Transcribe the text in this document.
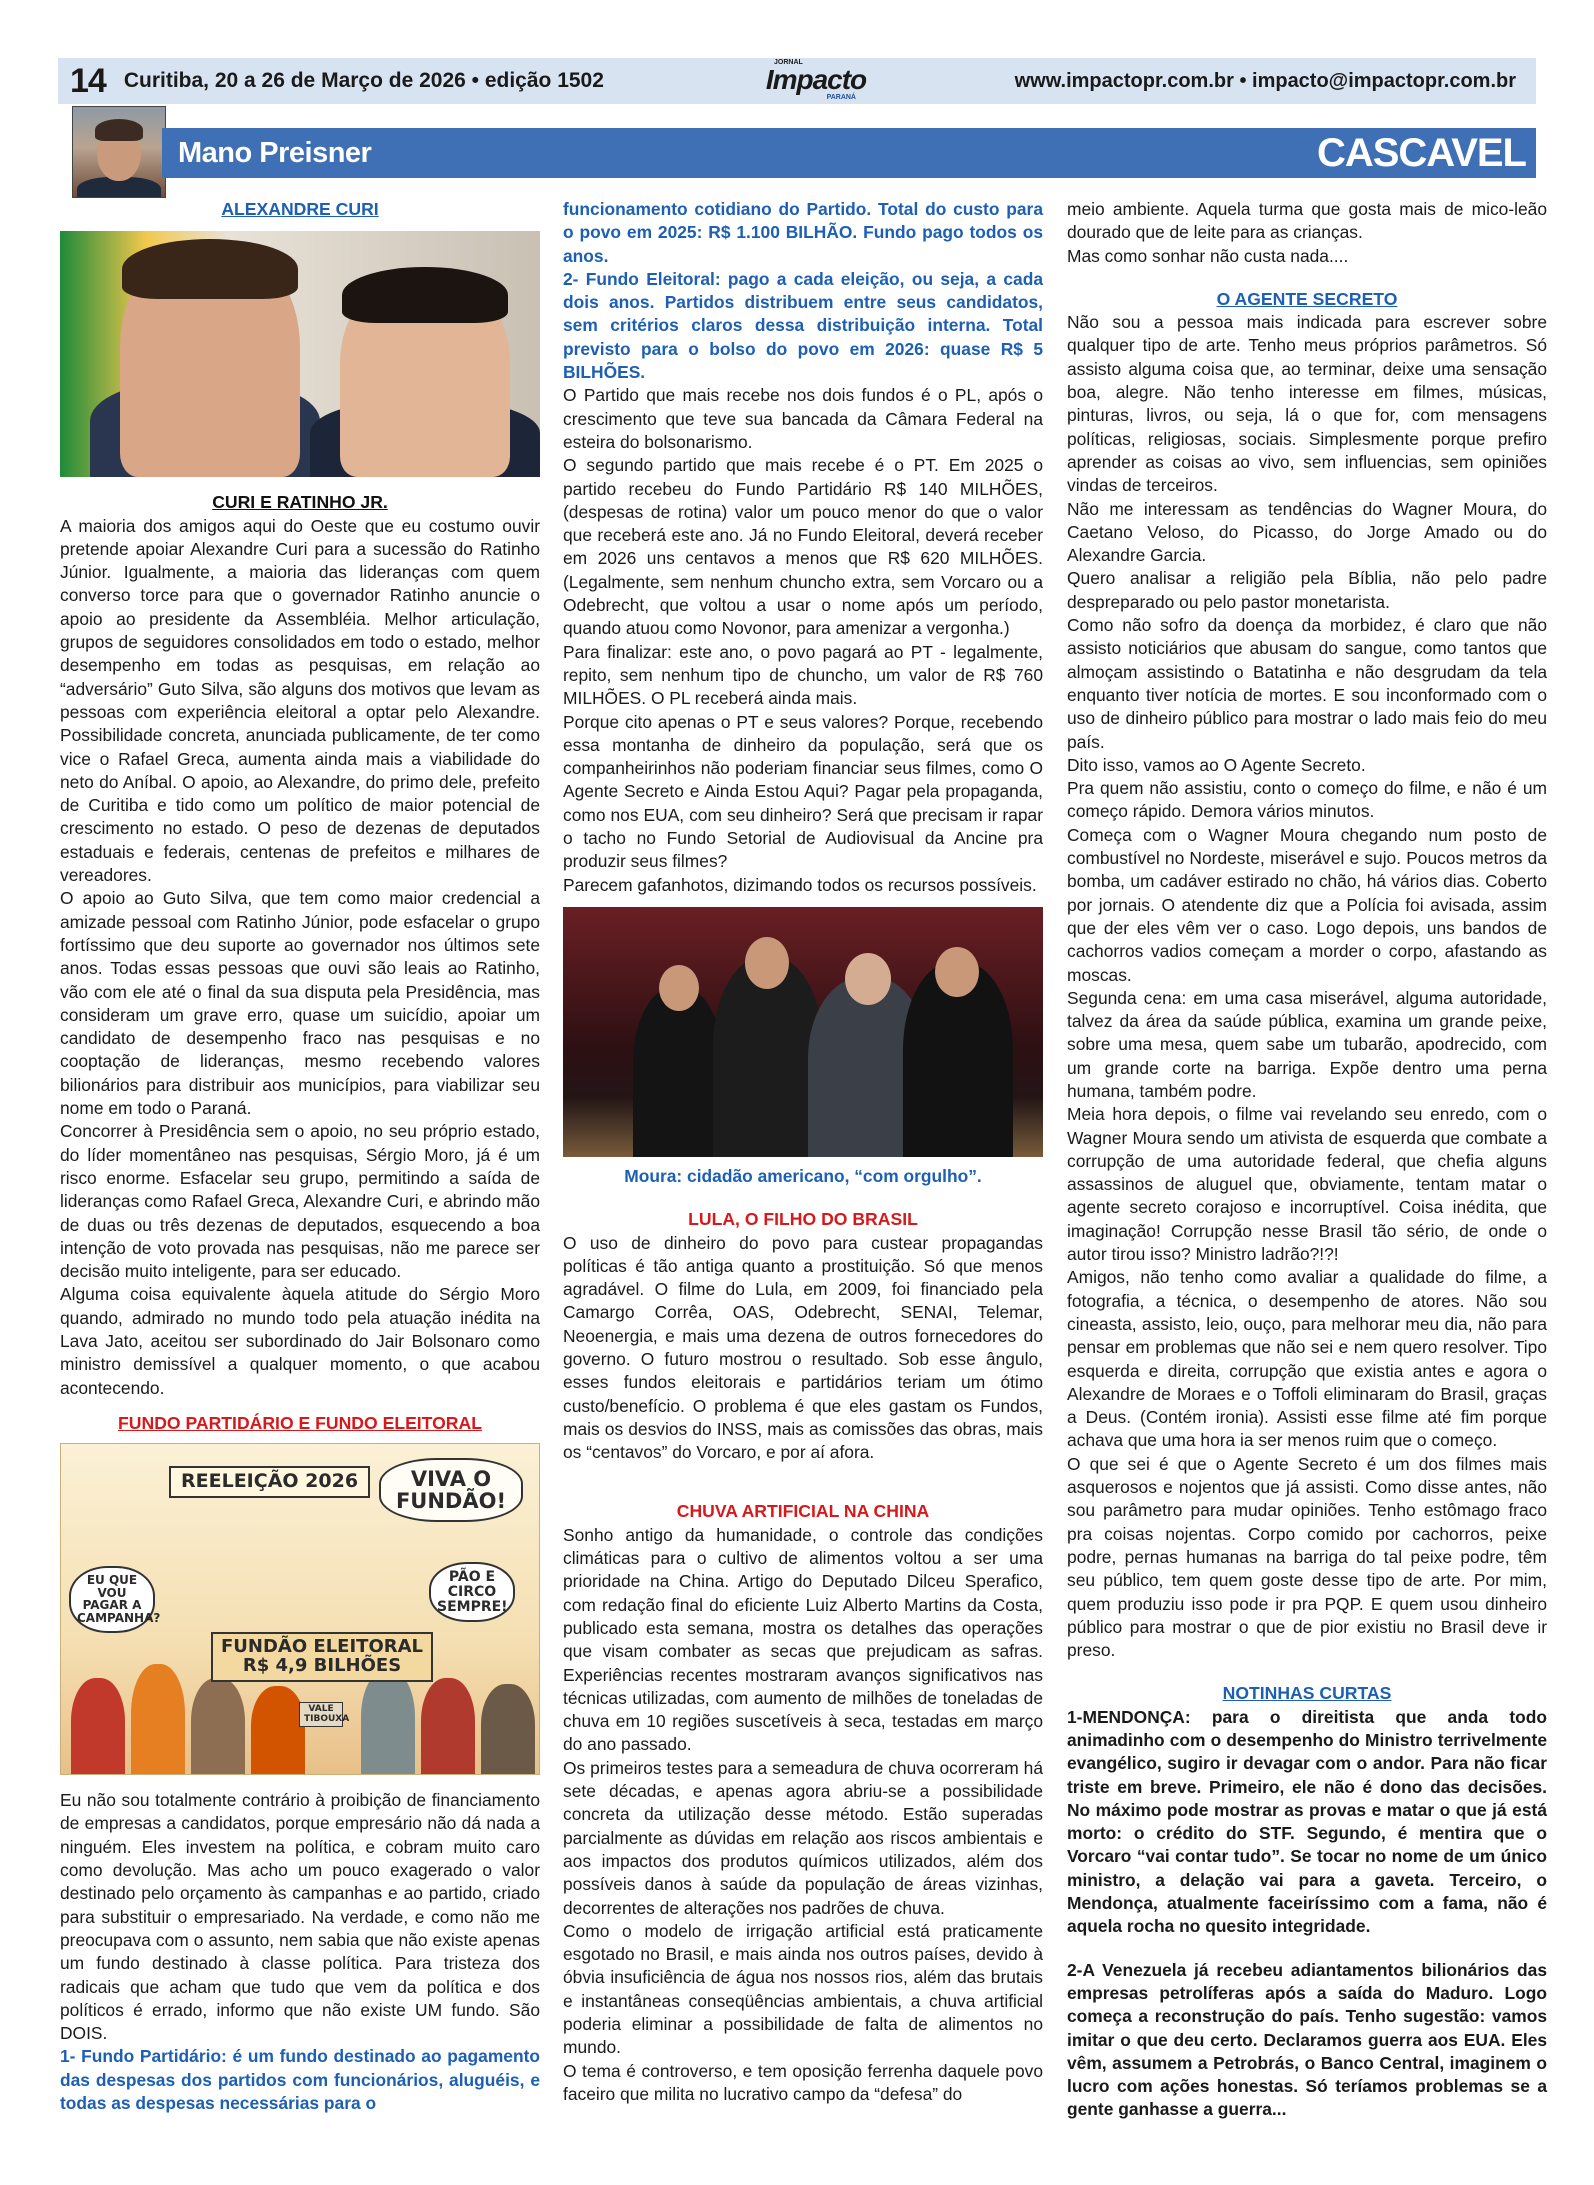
14 Curitiba, 20 a 26 de Março de 2026 • edição 1502
JORNAL
Impacto
PARANÁ
www.impactopr.com.br • impacto@impactopr.com.br
Mano Preisner	CASCAVEL

ALEXANDRE CURI

CURI E RATINHO JR.

A maioria dos amigos aqui do Oeste que eu costumo ouvir pretende apoiar Alexandre Curi para a sucessão do Ratinho Júnior. Igualmente, a maioria das lideranças com quem converso torce para que o governador Ratinho anuncie o apoio ao presidente da Assembléia. Melhor articulação, grupos de seguidores consolidados em todo o estado, melhor desempenho em todas as pesquisas, em relação ao “adversário” Guto Silva, são alguns dos motivos que levam as pessoas com experiência eleitoral a optar pelo Alexandre. Possibilidade concreta, anunciada publicamente, de ter como vice o Rafael Greca, aumenta ainda mais a viabilidade do neto do Aníbal. O apoio, ao Alexandre, do primo dele, prefeito de Curitiba e tido como um político de maior potencial de crescimento no estado. O peso de dezenas de deputados estaduais e federais, centenas de prefeitos e milhares de vereadores.

O apoio ao Guto Silva, que tem como maior credencial a amizade pessoal com Ratinho Júnior, pode esfacelar o grupo fortíssimo que deu suporte ao governador nos últimos sete anos. Todas essas pessoas que ouvi são leais ao Ratinho, vão com ele até o final da sua disputa pela Presidência, mas consideram um grave erro, quase um suicídio, apoiar um candidato de desempenho fraco nas pesquisas e no cooptação de lideranças, mesmo recebendo valores bilionários para distribuir aos municípios, para viabilizar seu nome em todo o Paraná.

Concorrer à Presidência sem o apoio, no seu próprio estado, do líder momentâneo nas pesquisas, Sérgio Moro, já é um risco enorme. Esfacelar seu grupo, permitindo a saída de lideranças como Rafael Greca, Alexandre Curi, e abrindo mão de duas ou três dezenas de deputados, esquecendo a boa intenção de voto provada nas pesquisas, não me parece ser decisão muito inteligente, para ser educado.

Alguma coisa equivalente àquela atitude do Sérgio Moro quando, admirado no mundo todo pela atuação inédita na Lava Jato, aceitou ser subordinado do Jair Bolsonaro como ministro demissível a qualquer momento, o que acabou acontecendo.

FUNDO PARTIDÁRIO E FUNDO ELEITORAL

REELEIÇÃO 2026	VIVA O FUNDÃO!
FUNDÃO ELEITORAL
R$ 4,9 BILHÕES
EU QUE VOU PAGAR A CAMPANHA?
PÃO E CIRCO SEMPRE!
VALE TIBOUXA

Eu não sou totalmente contrário à proibição de financiamento de empresas a candidatos, porque empresário não dá nada a ninguém. Eles investem na política, e cobram muito caro como devolução. Mas acho um pouco exagerado o valor destinado pelo orçamento às campanhas e ao partido, criado para substituir o empresariado. Na verdade, e como não me preocupava com o assunto, nem sabia que não existe apenas um fundo destinado à classe política. Para tristeza dos radicais que acham que tudo que vem da política e dos políticos é errado, informo que não existe UM fundo. São DOIS.

1- Fundo Partidário: é um fundo destinado ao pagamento das despesas dos partidos com funcionários, aluguéis, e todas as despesas necessárias para o

funcionamento cotidiano do Partido. Total do custo para o povo em 2025: R$ 1.100 BILHÃO. Fundo pago todos os anos.

2- Fundo Eleitoral: pago a cada eleição, ou seja, a cada dois anos. Partidos distribuem entre seus candidatos, sem critérios claros dessa distribuição interna. Total previsto para o bolso do povo em 2026: quase R$ 5 BILHÕES.

O Partido que mais recebe nos dois fundos é o PL, após o crescimento que teve sua bancada da Câmara Federal na esteira do bolsonarismo.

O segundo partido que mais recebe é o PT. Em 2025 o partido recebeu do Fundo Partidário R$ 140 MILHÕES, (despesas de rotina) valor um pouco menor do que o valor que receberá este ano. Já no Fundo Eleitoral, deverá receber em 2026 uns centavos a menos que R$ 620 MILHÕES. (Legalmente, sem nenhum chuncho extra, sem Vorcaro ou a Odebrecht, que voltou a usar o nome após um período, quando atuou como Novonor, para amenizar a vergonha.)

Para finalizar: este ano, o povo pagará ao PT - legalmente, repito, sem nenhum tipo de chuncho, um valor de R$ 760 MILHÕES. O PL receberá ainda mais.

Porque cito apenas o PT e seus valores? Porque, recebendo essa montanha de dinheiro da população, será que os companheirinhos não poderiam financiar seus filmes, como O Agente Secreto e Ainda Estou Aqui? Pagar pela propaganda, como nos EUA, com seu dinheiro? Será que precisam ir rapar o tacho no Fundo Setorial de Audiovisual da Ancine pra produzir seus filmes?

Parecem gafanhotos, dizimando todos os recursos possíveis.

Moura: cidadão americano, “com orgulho”.

LULA, O FILHO DO BRASIL

O uso de dinheiro do povo para custear propagandas políticas é tão antiga quanto a prostituição. Só que menos agradável. O filme do Lula, em 2009, foi financiado pela Camargo Corrêa, OAS, Odebrecht, SENAI, Telemar, Neoenergia, e mais uma dezena de outros fornecedores do governo. O futuro mostrou o resultado. Sob esse ângulo, esses fundos eleitorais e partidários teriam um ótimo custo/benefício. O problema é que eles gastam os Fundos, mais os desvios do INSS, mais as comissões das obras, mais os “centavos” do Vorcaro, e por aí afora.

CHUVA ARTIFICIAL NA CHINA

Sonho antigo da humanidade, o controle das condições climáticas para o cultivo de alimentos voltou a ser uma prioridade na China. Artigo do Deputado Dilceu Sperafico, com redação final do eficiente Luiz Alberto Martins da Costa, publicado esta semana, mostra os detalhes das operações que visam combater as secas que prejudicam as safras. Experiências recentes mostraram avanços significativos nas técnicas utilizadas, com aumento de milhões de toneladas de chuva em 10 regiões suscetíveis à seca, testadas em março do ano passado.

Os primeiros testes para a semeadura de chuva ocorreram há sete décadas, e apenas agora abriu-se a possibilidade concreta da utilização desse método. Estão superadas parcialmente as dúvidas em relação aos riscos ambientais e aos impactos dos produtos químicos utilizados, além dos possíveis danos à saúde da população de áreas vizinhas, decorrentes de alterações nos padrões de chuva.

Como o modelo de irrigação artificial está praticamente esgotado no Brasil, e mais ainda nos outros países, devido à óbvia insuficiência de água nos nossos rios, além das brutais e instantâneas conseqüências ambientais, a chuva artificial poderia eliminar a possibilidade de falta de alimentos no mundo.

O tema é controverso, e tem oposição ferrenha daquele povo faceiro que milita no lucrativo campo da “defesa” do

meio ambiente. Aquela turma que gosta mais de mico-leão dourado que de leite para as crianças.

Mas como sonhar não custa nada....

O AGENTE SECRETO

Não sou a pessoa mais indicada para escrever sobre qualquer tipo de arte. Tenho meus próprios parâmetros. Só assisto alguma coisa que, ao terminar, deixe uma sensação boa, alegre. Não tenho interesse em filmes, músicas, pinturas, livros, ou seja, lá o que for, com mensagens políticas, religiosas, sociais. Simplesmente porque prefiro aprender as coisas ao vivo, sem influencias, sem opiniões vindas de terceiros.

Não me interessam as tendências do Wagner Moura, do Caetano Veloso, do Picasso, do Jorge Amado ou do Alexandre Garcia.

Quero analisar a religião pela Bíblia, não pelo padre despreparado ou pelo pastor monetarista.

Como não sofro da doença da morbidez, é claro que não assisto noticiários que abusam do sangue, como tantos que almoçam assistindo o Batatinha e não desgrudam da tela enquanto tiver notícia de mortes. E sou inconformado com o uso de dinheiro público para mostrar o lado mais feio do meu país.

Dito isso, vamos ao O Agente Secreto.

Pra quem não assistiu, conto o começo do filme, e não é um começo rápido. Demora vários minutos.

Começa com o Wagner Moura chegando num posto de combustível no Nordeste, miserável e sujo. Poucos metros da bomba, um cadáver estirado no chão, há vários dias. Coberto por jornais. O atendente diz que a Polícia foi avisada, assim que der eles vêm ver o caso. Logo depois, uns bandos de cachorros vadios começam a morder o corpo, afastando as moscas.

Segunda cena: em uma casa miserável, alguma autoridade, talvez da área da saúde pública, examina um grande peixe, sobre uma mesa, quem sabe um tubarão, apodrecido, com um grande corte na barriga. Expõe dentro uma perna humana, também podre.

Meia hora depois, o filme vai revelando seu enredo, com o Wagner Moura sendo um ativista de esquerda que combate a corrupção de uma autoridade federal, que chefia alguns assassinos de aluguel que, obviamente, tentam matar o agente secreto corajoso e incorruptível. Coisa inédita, que imaginação! Corrupção nesse Brasil tão sério, de onde o autor tirou isso? Ministro ladrão?!?!

Amigos, não tenho como avaliar a qualidade do filme, a fotografia, a técnica, o desempenho de atores. Não sou cineasta, assisto, leio, ouço, para melhorar meu dia, não para pensar em problemas que não sei e nem quero resolver. Tipo esquerda e direita, corrupção que existia antes e agora o Alexandre de Moraes e o Toffoli eliminaram do Brasil, graças a Deus. (Contém ironia). Assisti esse filme até fim porque achava que uma hora ia ser menos ruim que o começo.

O que sei é que o Agente Secreto é um dos filmes mais asquerosos e nojentos que já assisti. Como disse antes, não sou parâmetro para mudar opiniões. Tenho estômago fraco pra coisas nojentas. Corpo comido por cachorros, peixe podre, pernas humanas na barriga do tal peixe podre, têm seu público, tem quem goste desse tipo de arte. Por mim, quem produziu isso pode ir pra PQP. E quem usou dinheiro público para mostrar o que de pior existiu no Brasil deve ir preso.

NOTINHAS CURTAS

1-MENDONÇA: para o direitista que anda todo animadinho com o desempenho do Ministro terrivelmente evangélico, sugiro ir devagar com o andor. Para não ficar triste em breve. Primeiro, ele não é dono das decisões. No máximo pode mostrar as provas e matar o que já está morto: o crédito do STF. Segundo, é mentira que o Vorcaro “vai contar tudo”. Se tocar no nome de um único ministro, a delação vai para a gaveta. Terceiro, o Mendonça, atualmente faceiríssimo com a fama, não é aquela rocha no quesito integridade.

2-A Venezuela já recebeu adiantamentos bilionários das empresas petrolíferas após a saída do Maduro. Logo começa a reconstrução do país. Tenho sugestão: vamos imitar o que deu certo. Declaramos guerra aos EUA. Eles vêm, assumem a Petrobrás, o Banco Central, imaginem o lucro com ações honestas. Só teríamos problemas se a gente ganhasse a guerra...
